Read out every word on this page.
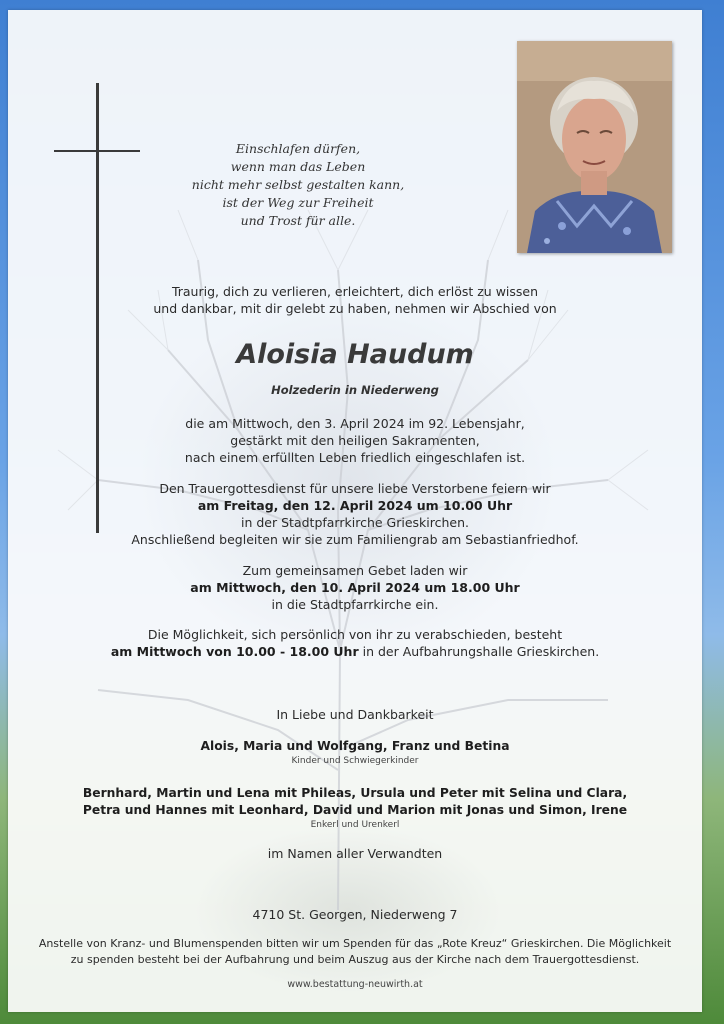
Einschlafen dürfen,
wenn man das Leben
nicht mehr selbst gestalten kann,
ist der Weg zur Freiheit
und Trost für alle.
Traurig, dich zu verlieren, erleichtert, dich erlöst zu wissen
und dankbar, mit dir gelebt zu haben, nehmen wir Abschied von
Aloisia Haudum
Holzederin in Niederweng
die am Mittwoch, den 3. April 2024 im 92. Lebensjahr,
gestärkt mit den heiligen Sakramenten,
nach einem erfüllten Leben friedlich eingeschlafen ist.
Den Trauergottesdienst für unsere liebe Verstorbene feiern wir
am Freitag, den 12. April 2024 um 10.00 Uhr
in der Stadtpfarrkirche Grieskirchen.
Anschließend begleiten wir sie zum Familiengrab am Sebastianfriedhof.
Zum gemeinsamen Gebet laden wir
am Mittwoch, den 10. April 2024 um 18.00 Uhr
in die Stadtpfarrkirche ein.
Die Möglichkeit, sich persönlich von ihr zu verabschieden, besteht
am Mittwoch von 10.00 - 18.00 Uhr in der Aufbahrungshalle Grieskirchen.
In Liebe und Dankbarkeit
Alois, Maria und Wolfgang, Franz und Betina
Kinder und Schwiegerkinder
Bernhard, Martin und Lena mit Phileas, Ursula und Peter mit Selina und Clara,
Petra und Hannes mit Leonhard, David und Marion mit Jonas und Simon, Irene
Enkerl und Urenkerl
im Namen aller Verwandten
4710 St. Georgen, Niederweng 7
Anstelle von Kranz- und Blumenspenden bitten wir um Spenden für das „Rote Kreuz“ Grieskirchen. Die Möglichkeit
zu spenden besteht bei der Aufbahrung und beim Auszug aus der Kirche nach dem Trauergottesdienst.
www.bestattung-neuwirth.at
